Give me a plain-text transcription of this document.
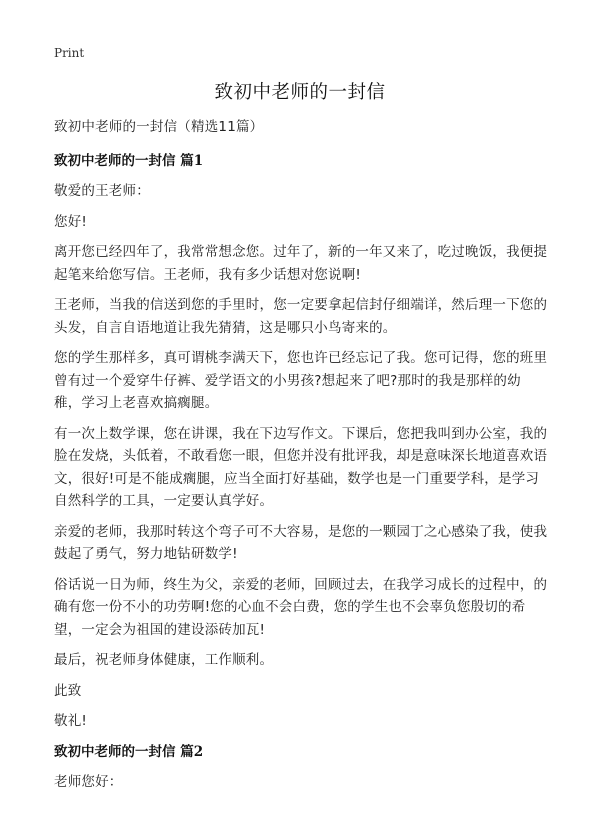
Print
致初中老师的一封信

致初中老师的一封信（精选11篇）

致初中老师的一封信 篇1

敬爱的王老师：

您好!

离开您已经四年了，我常常想念您。过年了，新的一年又来了，吃过晚饭，我便提起笔来给您写信。王老师，我有多少话想对您说啊!

王老师，当我的信送到您的手里时，您一定要拿起信封仔细端详，然后理一下您的头发，自言自语地道让我先猜猜，这是哪只小鸟寄来的。

您的学生那样多，真可谓桃李满天下，您也许已经忘记了我。您可记得，您的班里曾有过一个爱穿牛仔裤、爱学语文的小男孩?想起来了吧?那时的我是那样的幼稚，学习上老喜欢搞瘸腿。

有一次上数学课，您在讲课，我在下边写作文。下课后，您把我叫到办公室，我的脸在发烧，头低着，不敢看您一眼，但您并没有批评我，却是意味深长地道喜欢语文，很好!可是不能成瘸腿，应当全面打好基础，数学也是一门重要学科，是学习自然科学的工具，一定要认真学好。

亲爱的老师，我那时转这个弯子可不大容易，是您的一颗园丁之心感染了我，使我鼓起了勇气，努力地钻研数学!

俗话说一日为师，终生为父，亲爱的老师，回顾过去，在我学习成长的过程中，的确有您一份不小的功劳啊!您的心血不会白费，您的学生也不会辜负您殷切的希望，一定会为祖国的建设添砖加瓦!

最后，祝老师身体健康，工作顺利。

此致

敬礼!

致初中老师的一封信 篇2

老师您好：
